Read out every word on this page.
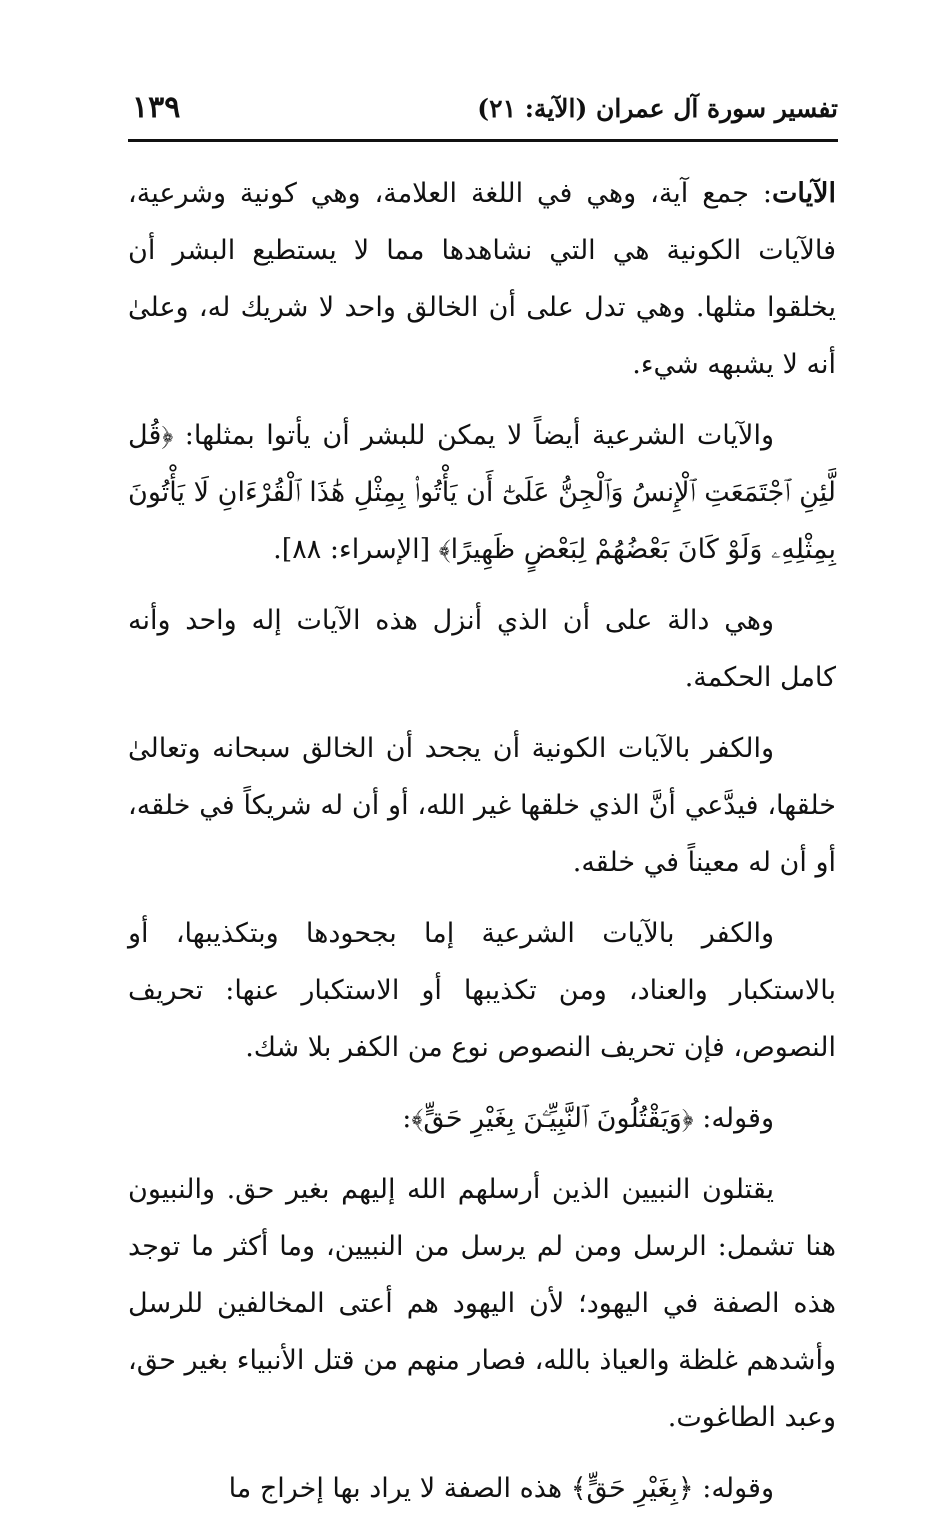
تفسير سورة آل عمران (الآية: ٢١)
١٣٩

الآيات: جمع آية، وهي في اللغة العلامة، وهي كونية وشرعية، فالآيات الكونية هي التي نشاهدها مما لا يستطيع البشر أن يخلقوا مثلها. وهي تدل على أن الخالق واحد لا شريك له، وعلىٰ أنه لا يشبهه شيء.

والآيات الشرعية أيضاً لا يمكن للبشر أن يأتوا بمثلها: ﴿قُل لَّئِنِ ٱجْتَمَعَتِ ٱلْإِنسُ وَٱلْجِنُّ عَلَىٰٓ أَن يَأْتُوا۟ بِمِثْلِ هَٰذَا ٱلْقُرْءَانِ لَا يَأْتُونَ بِمِثْلِهِۦ وَلَوْ كَانَ بَعْضُهُمْ لِبَعْضٍ ظَهِيرًا﴾ [الإسراء: ٨٨].

وهي دالة على أن الذي أنزل هذه الآيات إله واحد وأنه كامل الحكمة.

والكفر بالآيات الكونية أن يجحد أن الخالق سبحانه وتعالىٰ خلقها، فيدَّعي أنَّ الذي خلقها غير الله، أو أن له شريكاً في خلقه، أو أن له معيناً في خلقه.

والكفر بالآيات الشرعية إما بجحودها وبتكذيبها، أو بالاستكبار والعناد، ومن تكذيبها أو الاستكبار عنها: تحريف النصوص، فإن تحريف النصوص نوع من الكفر بلا شك.

وقوله: ﴿وَيَقْتُلُونَ ٱلنَّبِيِّـۧنَ بِغَيْرِ حَقٍّ﴾:

يقتلون النبيين الذين أرسلهم الله إليهم بغير حق. والنبيون هنا تشمل: الرسل ومن لم يرسل من النبيين، وما أكثر ما توجد هذه الصفة في اليهود؛ لأن اليهود هم أعتى المخالفين للرسل وأشدهم غلظة والعياذ بالله، فصار منهم من قتل الأنبياء بغير حق، وعبد الطاغوت.

وقوله: ﴿بِغَيْرِ حَقٍّ﴾ هذه الصفة لا يراد بها إخراج ما
